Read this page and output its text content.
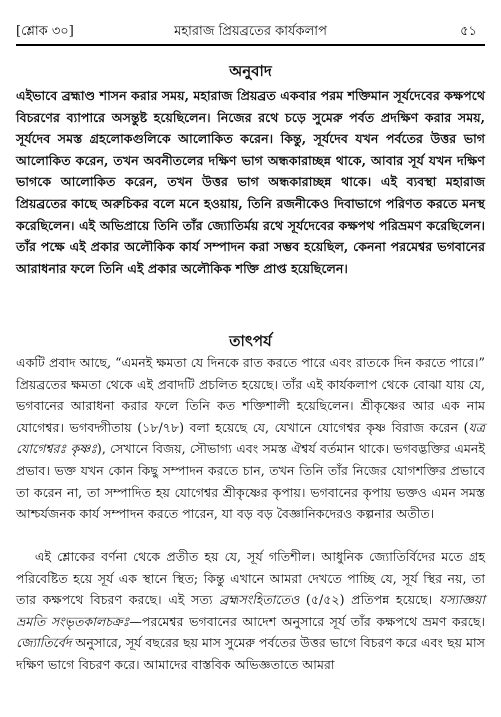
[শ্লোক ৩০]	মহারাজ প্রিয়ব্রতের কার্যকলাপ	৫১
অনুবাদ

এইভাবে ব্রহ্মাণ্ড শাসন করার সময়, মহারাজ প্রিয়ব্রত একবার পরম শক্তিমান সূর্যদেবের কক্ষপথে বিচরণের ব্যাপারে অসন্তুষ্ট হয়েছিলেন। নিজের রথে চড়ে সুমেরু পর্বত প্রদক্ষিণ করার সময়, সূর্যদেব সমস্ত গ্রহলোকগুলিকে আলোকিত করেন। কিন্তু, সূর্যদেব যখন পর্বতের উত্তর ভাগ আলোকিত করেন, তখন অবনীতলের দক্ষিণ ভাগ অন্ধকারাচ্ছন্ন থাকে, আবার সূর্য যখন দক্ষিণ ভাগকে আলোকিত করেন, তখন উত্তর ভাগ অন্ধকারাচ্ছন্ন থাকে। এই ব্যবস্থা মহারাজ প্রিয়ব্রতের কাছে অরুচিকর বলে মনে হওয়ায়, তিনি রজনীকেও দিবাভাগে পরিণত করতে মনস্থ করেছিলেন। এই অভিপ্রায়ে তিনি তাঁর জ্যোতির্ময় রথে সূর্যদেবের কক্ষপথ পরিভ্রমণ করেছিলেন। তাঁর পক্ষে এই প্রকার অলৌকিক কার্য সম্পাদন করা সম্ভব হয়েছিল, কেননা পরমেশ্বর ভগবানের আরাধনার ফলে তিনি এই প্রকার অলৌকিক শক্তি প্রাপ্ত হয়েছিলেন।

তাৎপর্য

একটি প্রবাদ আছে, “এমনই ক্ষমতা যে দিনকে রাত করতে পারে এবং রাতকে দিন করতে পারে।” প্রিয়ব্রতের ক্ষমতা থেকে এই প্রবাদটি প্রচলিত হয়েছে। তাঁর এই কার্যকলাপ থেকে বোঝা যায় যে, ভগবানের আরাধনা করার ফলে তিনি কত শক্তিশালী হয়েছিলেন। শ্রীকৃষ্ণের আর এক নাম যোগেশ্বর। ভগবদ্গীতায় (১৮/৭৮) বলা হয়েছে যে, যেখানে যোগেশ্বর কৃষ্ণ বিরাজ করেন (যত্র যোগেশ্বরঃ কৃষ্ণঃ), সেখানে বিজয়, সৌভাগ্য এবং সমস্ত ঐশ্বর্য বর্তমান থাকে। ভগবদ্ভক্তির এমনই প্রভাব। ভক্ত যখন কোন কিছু সম্পাদন করতে চান, তখন তিনি তাঁর নিজের যোগশক্তির প্রভাবে তা করেন না, তা সম্পাদিত হয় যোগেশ্বর শ্রীকৃষ্ণের কৃপায়। ভগবানের কৃপায় ভক্তও এমন সমস্ত আশ্চর্যজনক কার্য সম্পাদন করতে পারেন, যা বড় বড় বৈজ্ঞানিকদেরও কল্পনার অতীত।

এই শ্লোকের বর্ণনা থেকে প্রতীত হয় যে, সূর্য গতিশীল। আধুনিক জ্যোতির্বিদের মতে গ্রহ পরিবেষ্টিত হয়ে সূর্য এক স্থানে স্থিত; কিন্তু এখানে আমরা দেখতে পাচ্ছি যে, সূর্য স্থির নয়, তা তার কক্ষপথে বিচরণ করছে। এই সত্য ব্রহ্মসংহিতাতেও (৫/৫২) প্রতিপন্ন হয়েছে। যস্যাজ্ঞয়া ভ্রমতি সংভৃতকালচক্রঃ—পরমেশ্বর ভগবানের আদেশ অনুসারে সূর্য তাঁর কক্ষপথে ভ্রমণ করছে। জ্যোতির্বেদ অনুসারে, সূর্য বছরের ছয় মাস সুমেরু পর্বতের উত্তর ভাগে বিচরণ করে এবং ছয় মাস দক্ষিণ ভাগে বিচরণ করে। আমাদের বাস্তবিক অভিজ্ঞতাতে আমরা
